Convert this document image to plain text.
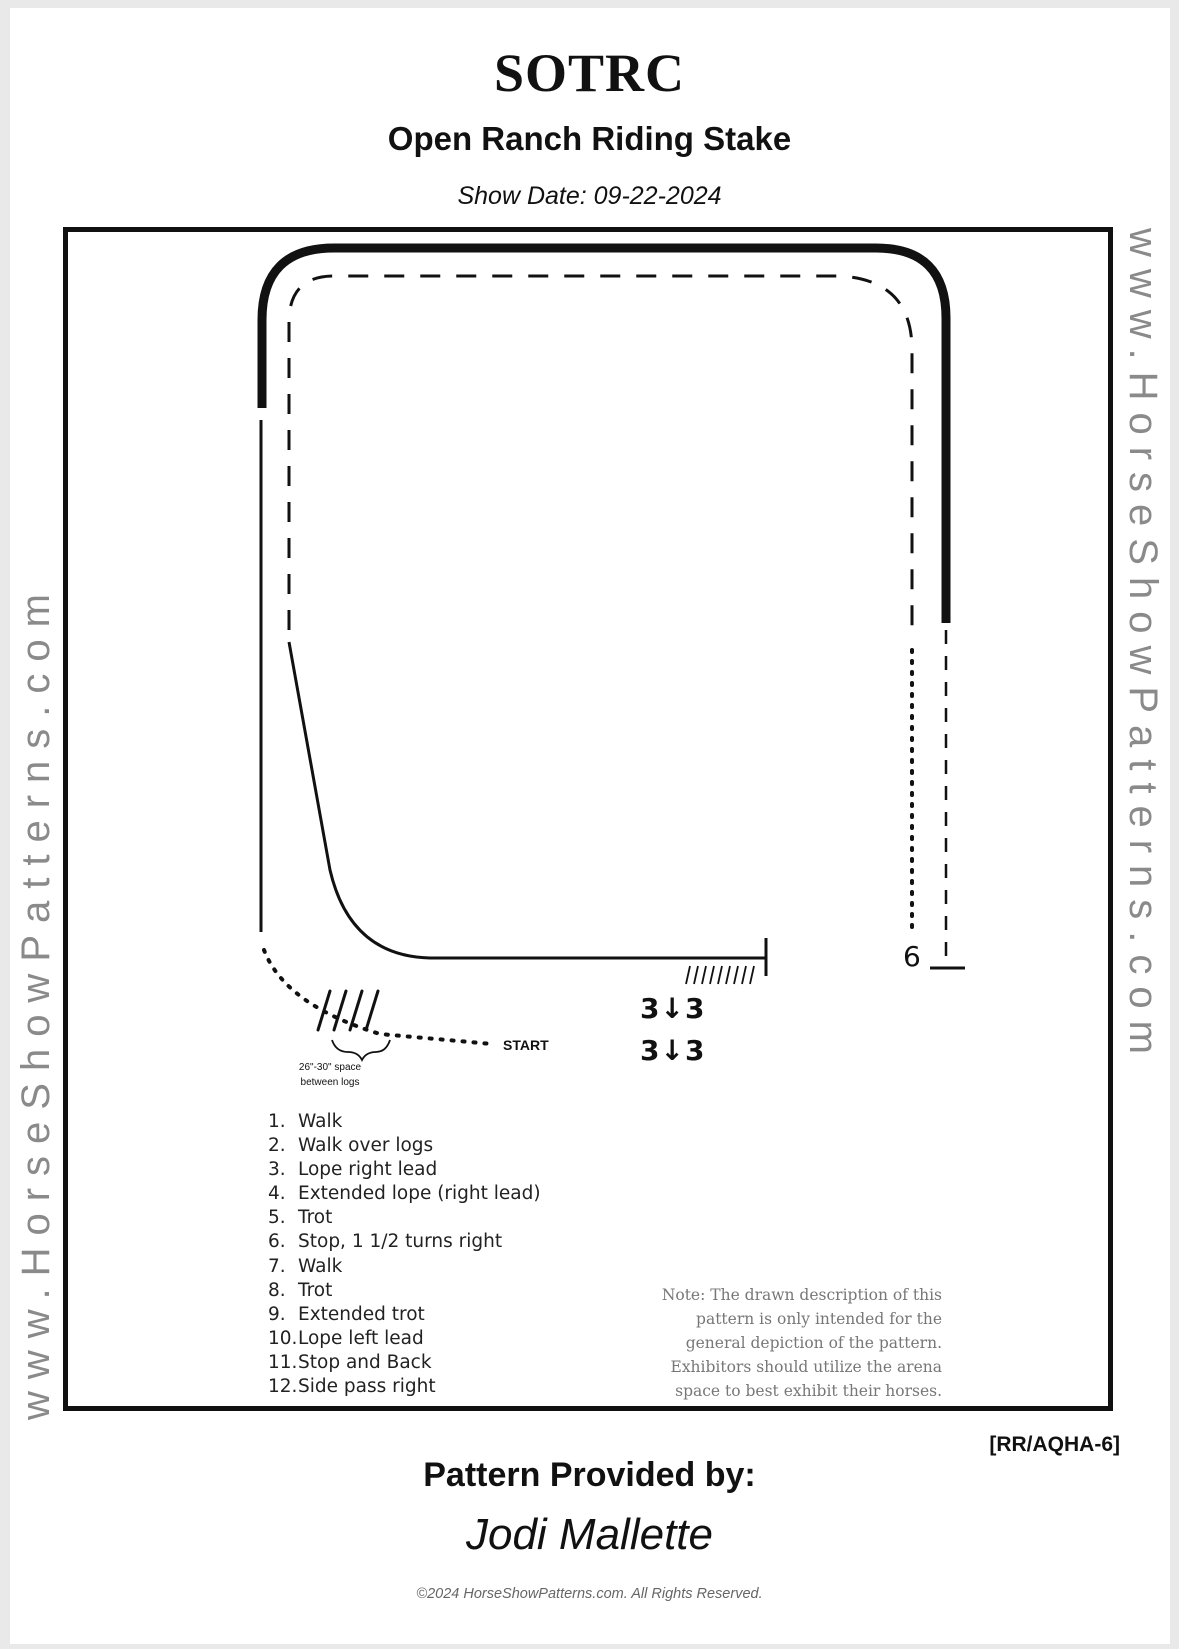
SOTRC
Open Ranch Riding Stake
Show Date: 09-22-2024
www.HorseShowPatterns.com	www.HorseShowPatterns.com
START
26"-30" space
between logs
6
3↓3
3↓3
1. Walk
2. Walk over logs
3. Lope right lead
4. Extended lope (right lead)
5. Trot
6. Stop, 1 1/2 turns right
7. Walk
8. Trot
9. Extended trot
10. Lope left lead
11. Stop and Back
12. Side pass right
Note: The drawn description of this pattern is only intended for the general depiction of the pattern. Exhibitors should utilize the arena space to best exhibit their horses.
[RR/AQHA-6]
Pattern Provided by:
Jodi Mallette
©2024 HorseShowPatterns.com. All Rights Reserved.
